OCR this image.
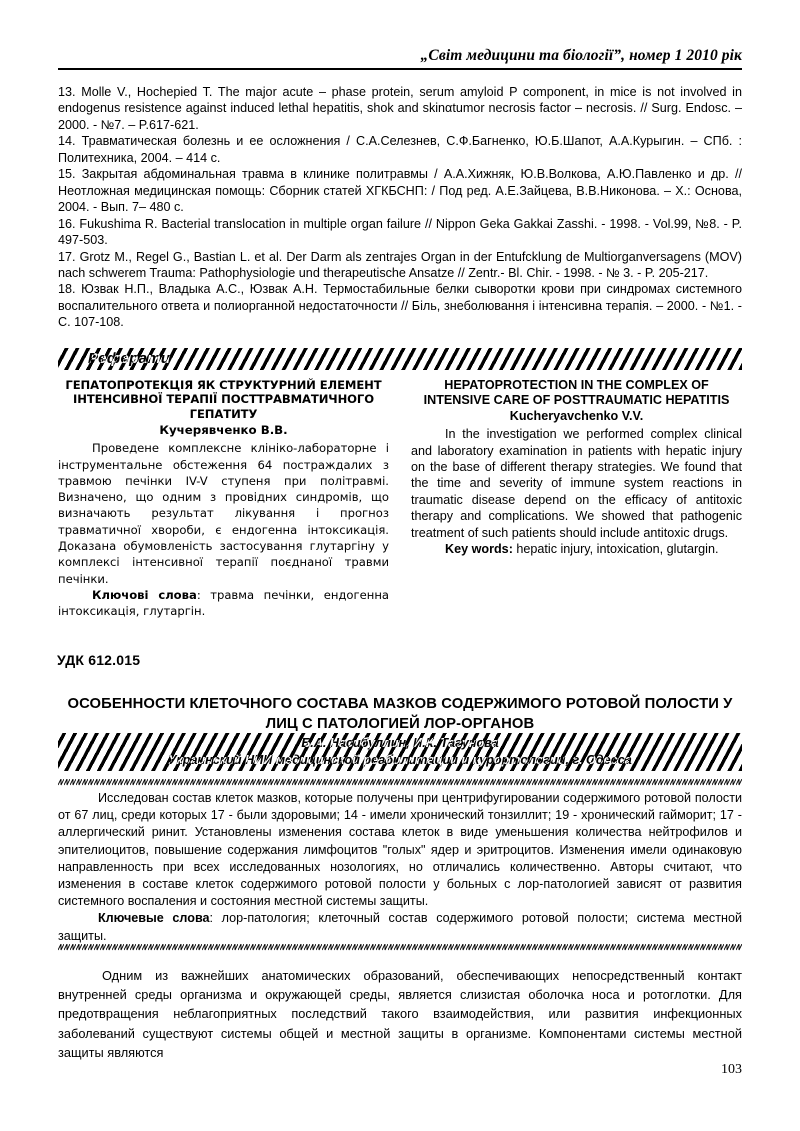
„Світ медицини та біології”, номер 1 2010 рік

13. Molle V., Hochepied T. The major acute – phase protein, serum amyloid P component, in mice is not involved in endogenus resistence against induced lethal hepatitis, shok and skinαtumor necrosis factor – necrosis. // Surg. Endosc. – 2000. - №7. – P.617-621.

14. Травматическая болезнь и ее осложнения / С.А.Селезнев, С.Ф.Багненко, Ю.Б.Шапот, А.А.Курыгин. – СПб. : Политехника, 2004. – 414 с.

15. Закрытая абдоминальная травма в клинике политравмы / А.А.Хижняк, Ю.В.Волкова, А.Ю.Павленко и др. // Неотложная медицинская помощь: Сборник статей ХГКБСНП: / Под ред. А.Е.Зайцева, В.В.Никонова. – Х.: Основа, 2004. - Вып. 7– 480 с.

16. Fukushima R. Bacterial translocation in multiple organ failure // Nippon Geka Gakkai Zasshi. - 1998. - Vol.99, №8. - P. 497-503.

17. Grotz M., Regel G., Bastian L. et al. Der Darm als zentrajes Organ in der Entufcklung de Multiorganversagens (MOV) nach schwerem Trauma: Pathophysiologie und therapeutische Ansatze // Zentr.- Bl. Chir. - 1998. - № 3. - P. 205-217.

18. Юзвак Н.П., Владыка А.С., Юзвак А.Н. Термостабильные белки сыворотки крови при синдромах системного воспалительного ответа и полиорганной недостаточности // Біль, знеболювання і інтенсивна терапія. – 2000. - №1. - С. 107-108.

Реферати
ГЕПАТОПРОТЕКЦІЯ ЯК СТРУКТУРНИЙ ЕЛЕМЕНТ ІНТЕНСИВНОЇ ТЕРАПІЇ ПОСТТРАВМАТИЧНОГО ГЕПАТИТУ
Кучерявченко В.В.

Проведене комплексне клініко-лабораторне і інструментальне обстеження 64 постраждалих з травмою печінки IV-V ступеня при політравмі. Визначено, що одним з провідних синдромів, що визначають результат лікування і прогноз травматичної хвороби, є ендогенна інтоксикація. Доказана обумовленість застосування глутаргіну у комплексі інтенсивної терапії поєднаної травми печінки.

Ключові слова: травма печінки, ендогенна інтоксикація, глутаргін.

HEPATOPROTECTION IN THE COMPLEX OF INTENSIVE CARE OF POSTTRAUMATIC HEPATITIS
Kucheryavchenko V.V.

In the investigation we performed complex clinical and laboratory examination in patients with hepatic injury on the base of different therapy strategies. We found that the time and severity of immune system reactions in traumatic disease depend on the efficacy of antitoxic therapy and complications. We showed that pathogenic treatment of such patients should include antitoxic drugs.

Key words: hepatic injury, intoxication, glutargin.

УДК 612.015
ОСОБЕННОСТИ КЛЕТОЧНОГО СОСТАВА МАЗКОВ СОДЕРЖИМОГО РОТОВОЙ ПОЛОСТИ У ЛИЦ С ПАТОЛОГИЕЙ ЛОР-ОРГАНОВ
Б.А. Насибуллин, И.К. Тагунова
Украинский НИИ медицинской реабилитации и курортологии, г. Одесса

Исследован состав клеток мазков, которые получены при центрифугировании содержимого ротовой полости от 67 лиц, среди которых 17 - были здоровыми; 14 - имели хронический тонзиллит; 19 - хронический гайморит; 17 - аллергический ринит. Установлены изменения состава клеток в виде уменьшения количества нейтрофилов и эпителиоцитов, повышение содержания лимфоцитов "голых" ядер и эритроцитов. Изменения имели одинаковую направленность при всех исследованных нозологиях, но отличались количественно. Авторы считают, что изменения в составе клеток содержимого ротовой полости у больных с лор-патологией зависят от развития системного воспаления и состояния местной системы защиты.

Ключевые слова: лор-патология; клеточный состав содержимого ротовой полости; система местной защиты.

Одним из важнейших анатомических образований, обеспечивающих непосредственный контакт внутренней среды организма и окружающей среды, является слизистая оболочка носа и ротоглотки. Для предотвращения неблагоприятных последствий такого взаимодействия, или развития инфекционных заболеваний существуют системы общей и местной защиты в организме. Компонентами системы местной защиты являются

103
